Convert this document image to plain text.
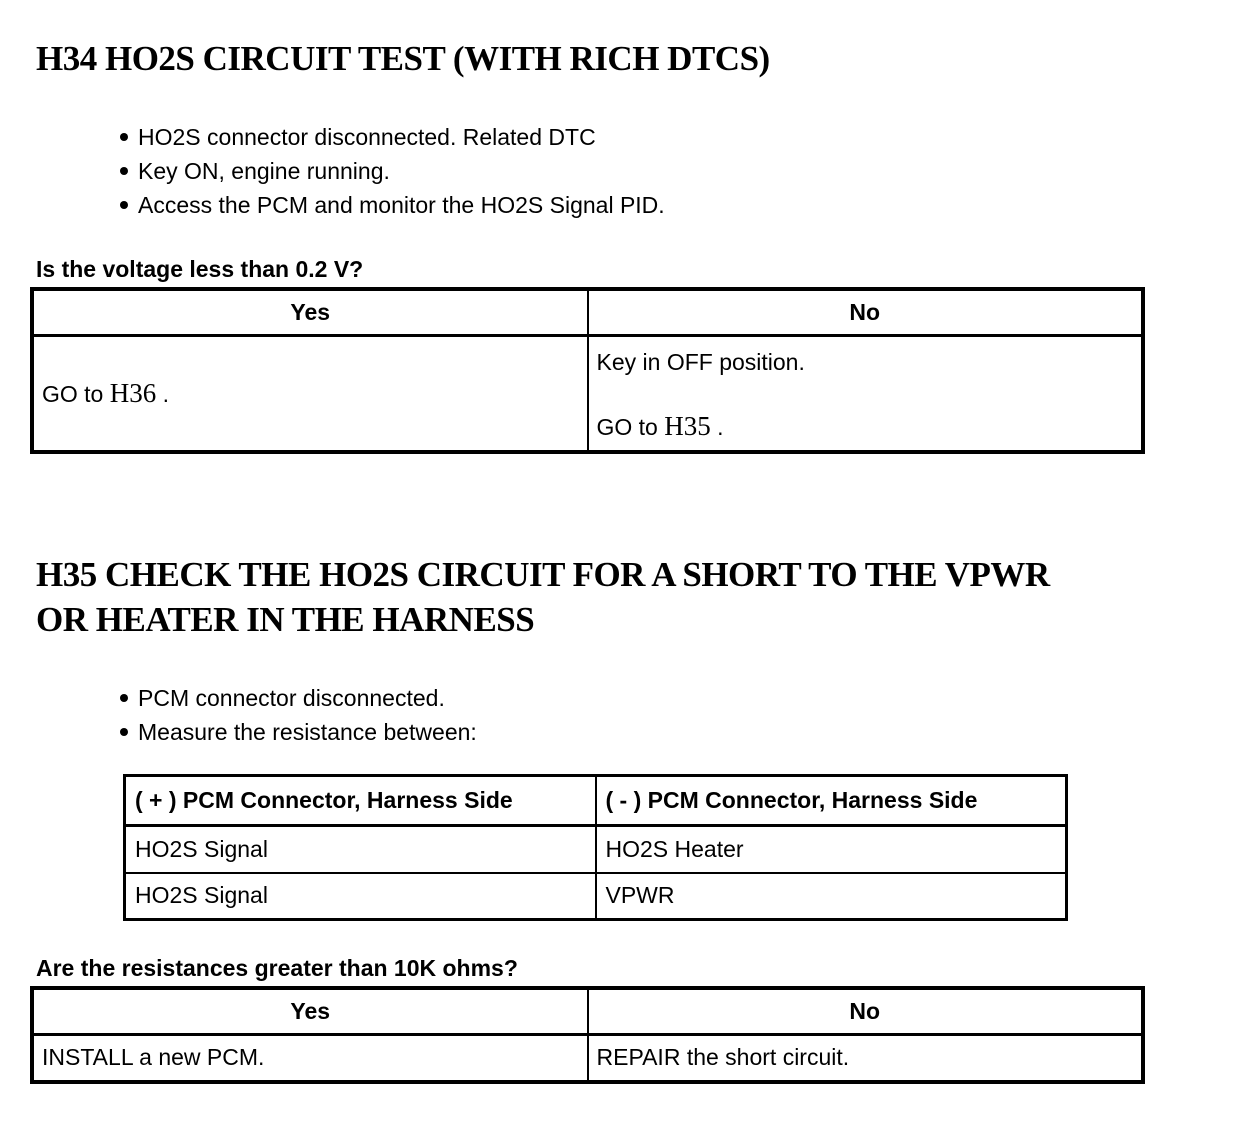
H34 HO2S CIRCUIT TEST (WITH RICH DTCS)
HO2S connector disconnected. Related DTC
Key ON, engine running.
Access the PCM and monitor the HO2S Signal PID.
Is the voltage less than 0.2 V?
Yes	No

GO to H36 .	Key in OFF position.
GO to H35 .
H35 CHECK THE HO2S CIRCUIT FOR A SHORT TO THE VPWR
OR HEATER IN THE HARNESS
PCM connector disconnected.
Measure the resistance between:
( + ) PCM Connector, Harness Side	( - ) PCM Connector, Harness Side
HO2S Signal	HO2S Heater
HO2S Signal	VPWR
Are the resistances greater than 10K ohms?
Yes	No
INSTALL a new PCM.	REPAIR the short circuit.
